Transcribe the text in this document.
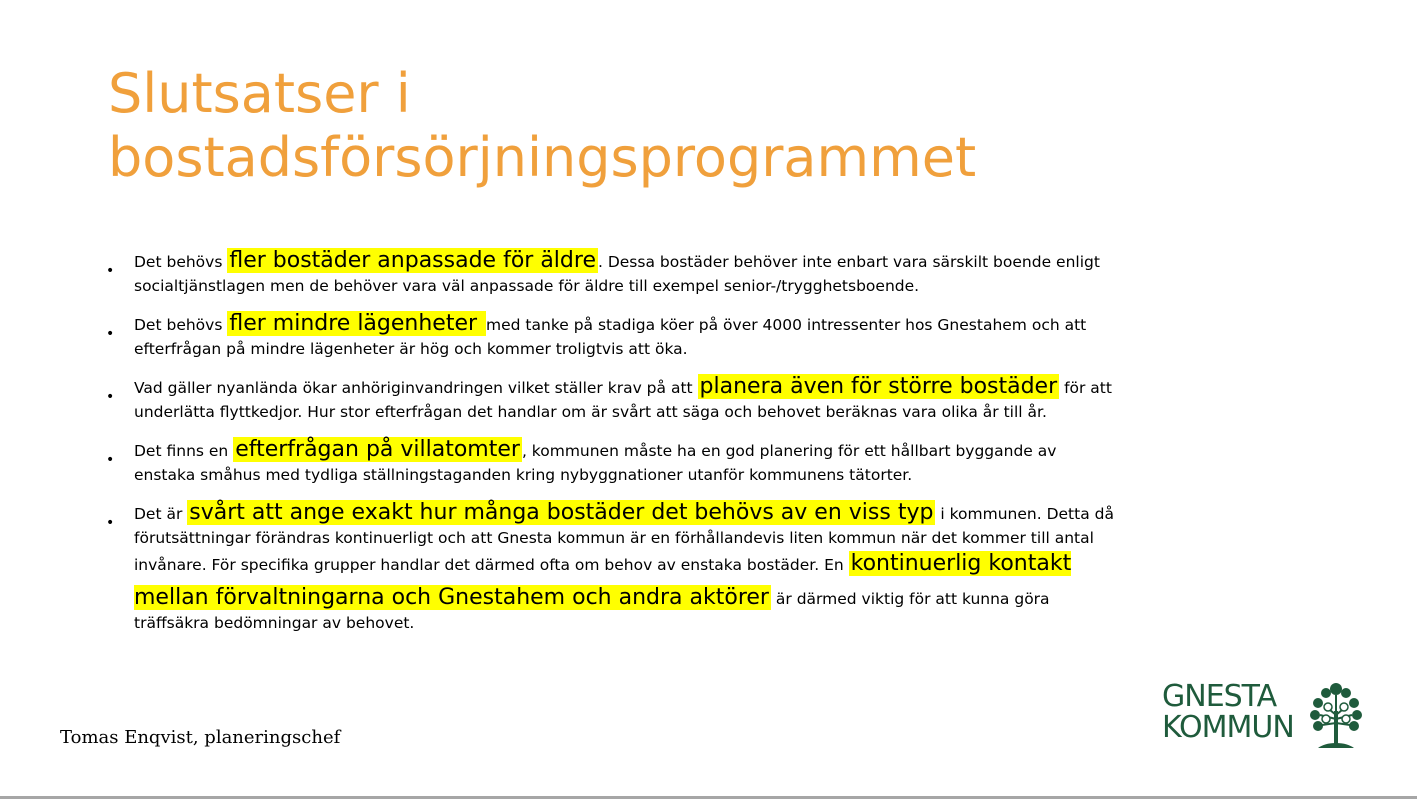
Slutsatser i bostadsförsörjningsprogrammet
• Det behövs fler bostäder anpassade för äldre . Dessa bostäder behöver inte enbart vara särskilt boende enligt socialtjänstlagen men de behöver vara väl anpassade för äldre till exempel senior-/trygghetsboende.
• Det behövs fler mindre lägenheter med tanke på stadiga köer på över 4000 intressenter hos Gnestahem och att efterfrågan på mindre lägenheter är hög och kommer troligtvis att öka.
• Vad gäller nyanlända ökar anhöriginvandringen vilket ställer krav på att planera även för större bostäder för att underlätta flyttkedjor. Hur stor efterfrågan det handlar om är svårt att säga och behovet beräknas vara olika år till år.
• Det finns en efterfrågan på villatomter , kommunen måste ha en god planering för ett hållbart byggande av enstaka småhus med tydliga ställningstaganden kring nybyggnationer utanför kommunens tätorter.
• Det är svårt att ange exakt hur många bostäder det behövs av en viss typ i kommunen. Detta då förutsättningar förändras kontinuerligt och att Gnesta kommun är en förhållandevis liten kommun när det kommer till antal invånare. För specifika grupper handlar det därmed ofta om behov av enstaka bostäder. En kontinuerlig kontakt mellan förvaltningarna och Gnestahem och andra aktörer är därmed viktig för att kunna göra träffsäkra bedömningar av behovet.
Tomas Enqvist, planeringschef
GNESTA
KOMMUN
